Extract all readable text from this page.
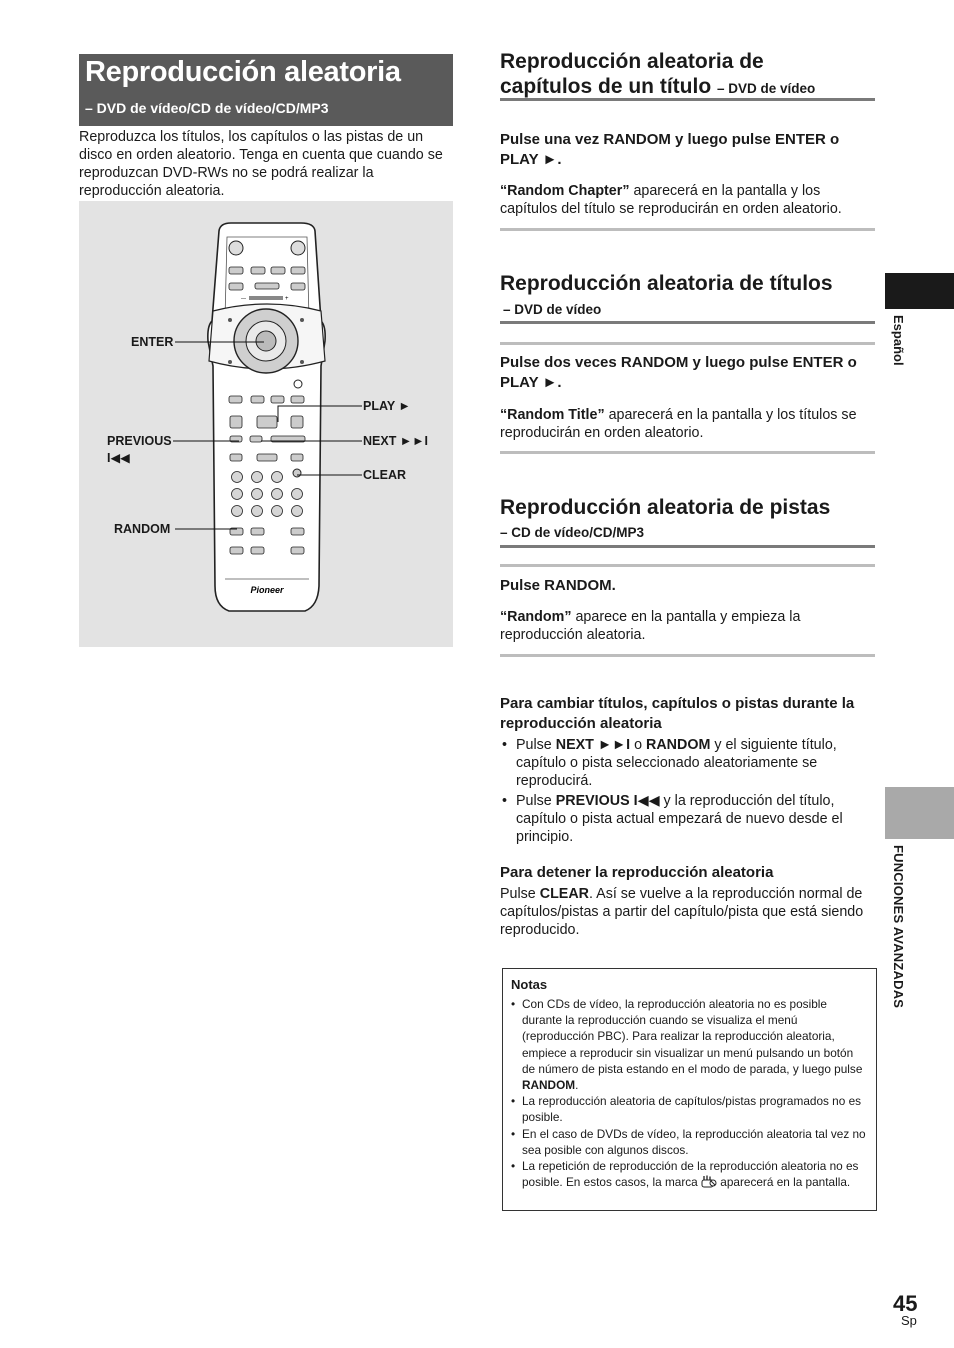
Reproducción aleatoria
– DVD de vídeo/CD de vídeo/CD/MP3
Reproduzca los títulos, los capítulos o las pistas de un disco en orden aleatorio. Tenga en cuenta que cuando se reproduzcan DVD-RWs no se podrá realizar la reproducción aleatoria.
—	+
Pioneer
ENTER
PREVIOUS
I◀◀
RANDOM
PLAY ►
NEXT ►►I
CLEAR
Reproducción aleatoria de
capítulos de un título – DVD de vídeo
Pulse una vez RANDOM y luego pulse ENTER o PLAY ►.
“Random Chapter” aparecerá en la pantalla y los capítulos del título se reproducirán en orden aleatorio.
Reproducción aleatoria de títulos
– DVD de vídeo
Pulse dos veces RANDOM y luego pulse ENTER o PLAY ►.
“Random Title” aparecerá en la pantalla y los títulos se reproducirán en orden aleatorio.
Reproducción aleatoria de pistas
– CD de vídeo/CD/MP3
Pulse RANDOM.
“Random” aparece en la pantalla y empieza la reproducción aleatoria.
Para cambiar títulos, capítulos o pistas durante la reproducción aleatoria
• Pulse NEXT ►►I o RANDOM y el siguiente título, capítulo o pista seleccionado aleatoriamente se reproducirá.
• Pulse PREVIOUS I◀◀ y la reproducción del título, capítulo o pista actual empezará de nuevo desde el principio.
Para detener la reproducción aleatoria
Pulse CLEAR. Así se vuelve a la reproducción normal de capítulos/pistas a partir del capítulo/pista que está siendo reproducido.
Notas
• Con CDs de vídeo, la reproducción aleatoria no es posible durante la reproducción cuando se visualiza el menú (reproducción PBC). Para realizar la reproducción aleatoria, empiece a reproducir sin visualizar un menú pulsando un botón de número de pista estando en el modo de parada, y luego pulse RANDOM.
• La reproducción aleatoria de capítulos/pistas programados no es posible.
• En el caso de DVDs de vídeo, la reproducción aleatoria tal vez no sea posible con algunos discos.
• La repetición de reproducción de la reproducción aleatoria no es posible. En estos casos, la marca  aparecerá en la pantalla.
Español
FUNCIONES AVANZADAS
45
Sp
